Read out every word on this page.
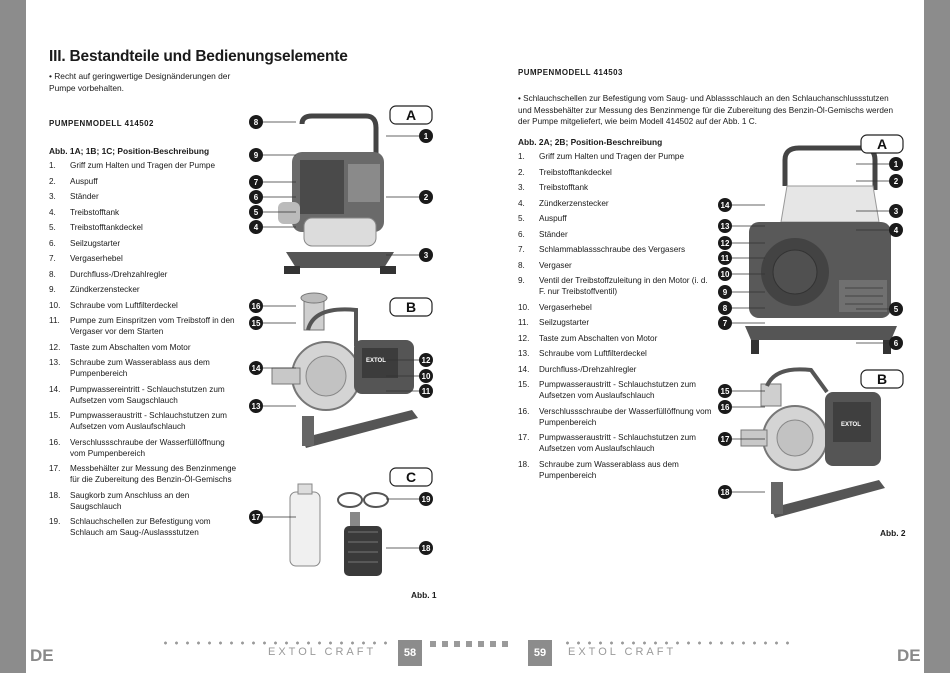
III. Bestandteile und Bedienungselemente
• Recht auf geringwertige Designänderungen der Pumpe vorbehalten.
PUMPENMODELL 414502
Abb. 1A; 1B; 1C; Position-Beschreibung
1. Griff zum Halten und Tragen der Pumpe
2. Auspuff
3. Ständer
4. Treibstofftank
5. Treibstofftankdeckel
6. Seilzugstarter
7. Vergaserhebel
8. Durchfluss-/Drehzahlregler
9. Zündkerzenstecker
10. Schraube vom Luftfilterdeckel
11. Pumpe zum Einspritzen vom Treibstoff in den Vergaser vor dem Starten
12. Taste zum Abschalten vom Motor
13. Schraube zum Wasserablass aus dem Pumpenbereich
14. Pumpwassereintritt - Schlauchstutzen zum Aufsetzen vom Saugschlauch
15. Pumpwasseraustritt - Schlauchstutzen zum Aufsetzen vom Auslaufschlauch
16. Verschlussschraube der Wasserfüllöffnung vom Pumpenbereich
17. Messbehälter zur Messung des Benzinmenge für die Zubereitung des Benzin-Öl-Gemischs
18. Saugkorb zum Anschluss an den Saugschlauch
19. Schlauchschellen zur Befestigung vom Schlauch am Saug-/Auslassstutzen
PUMPENMODELL 414503
• Schlauchschellen zur Befestigung vom Saug- und Ablassschlauch an den Schlauchanschlussstutzen und Messbehälter zur Messung des Benzinmenge für die Zubereitung des Benzin-Öl-Gemischs werden der Pumpe mitgeliefert, wie beim Modell 414502 auf der Abb. 1 C.
Abb. 2A; 2B; Position-Beschreibung
1. Griff zum Halten und Tragen der Pumpe
2. Treibstofftankdeckel
3. Treibstofftank
4. Zündkerzenstecker
5. Auspuff
6. Ständer
7. Schlammablassschraube des Vergasers
8. Vergaser
9. Ventil der Treibstoffzuleitung in den Motor (i. d. F. nur Treibstoffventil)
10. Vergaserhebel
11. Seilzugstarter
12. Taste zum Abschalten von Motor
13. Schraube vom Luftfilterdeckel
14. Durchfluss-/Drehzahlregler
15. Pumpwasseraustritt - Schlauchstutzen zum Aufsetzen vom Auslaufschlauch
16. Verschlussschraube der Wasserfüllöffnung vom Pumpenbereich
17. Pumpwasseraustritt - Schlauchstutzen zum Aufsetzen vom Auslaufschlauch
18. Schraube zum Wasserablass aus dem Pumpenbereich
1
2
3
4
5
6
7
8
9
10
11
12
13
14
15
16
17
18
19
A
B
C
EXTOL
Abb. 1
1
2
3
4
5
6
7
8
9
10
11
12
13
14
15
16
17
18
A
B
EXTOL
Abb. 2
DE	EXTOL CRAFT	58	59	EXTOL CRAFT	DE
